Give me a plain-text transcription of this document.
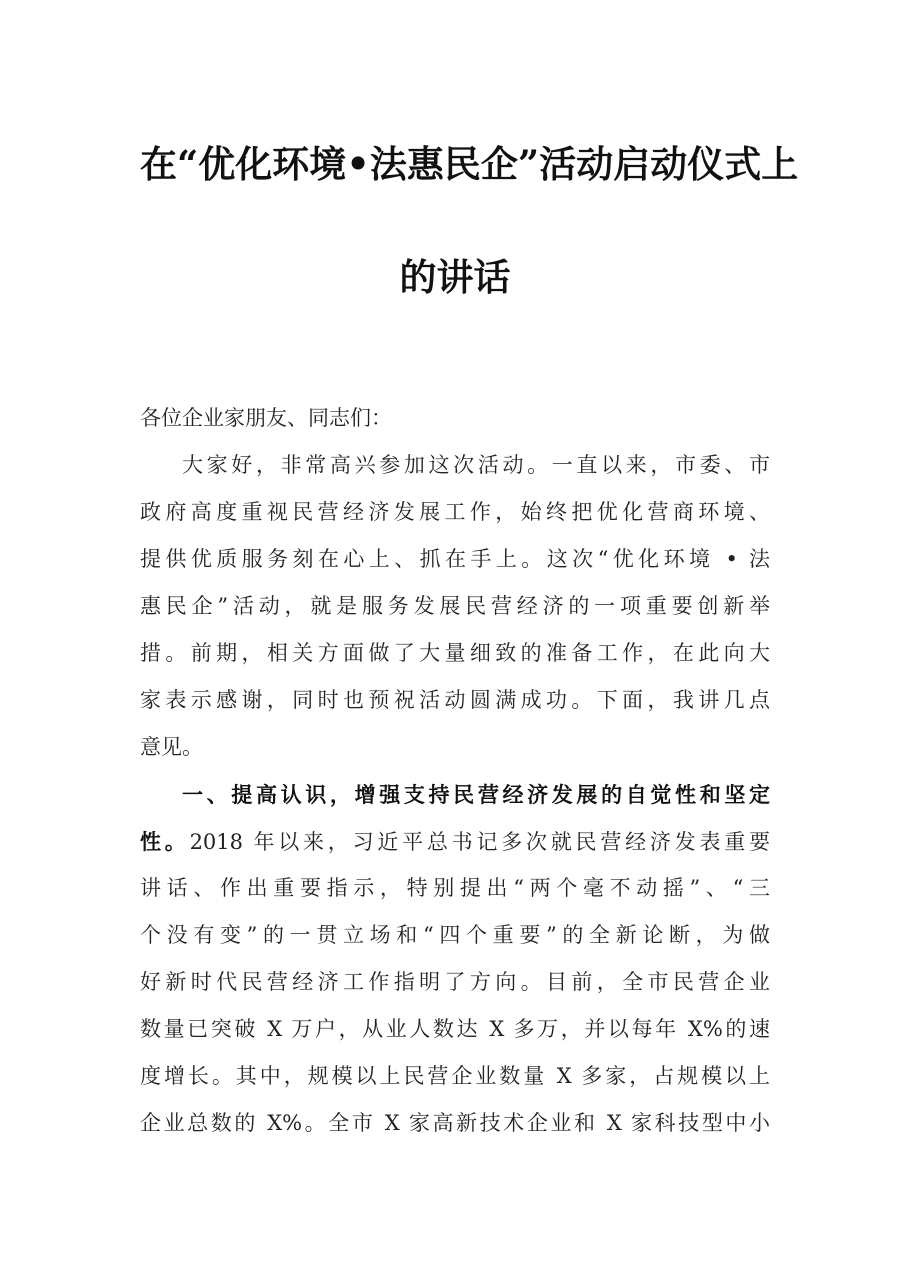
在“优化环境•法惠民企”活动启动仪式上
的讲话
各位企业家朋友、同志们：
大家好，非常高兴参加这次活动。一直以来，市委、市
政府高度重视民营经济发展工作，始终把优化营商环境、
提供优质服务刻在心上、抓在手上。这次“优化环境 • 法
惠民企”活动，就是服务发展民营经济的一项重要创新举
措。前期，相关方面做了大量细致的准备工作，在此向大
家表示感谢，同时也预祝活动圆满成功。下面，我讲几点
意见。
一、提高认识，增强支持民营经济发展的自觉性和坚定
性。2018 年以来，习近平总书记多次就民营经济发表重要
讲话、作出重要指示，特别提出“两个毫不动摇”、“三
个没有变”的一贯立场和“四个重要”的全新论断，为做
好新时代民营经济工作指明了方向。目前，全市民营企业
数量已突破 X 万户，从业人数达 X 多万，并以每年 X%的速
度增长。其中，规模以上民营企业数量 X 多家，占规模以上
企业总数的 X%。全市 X 家高新技术企业和 X 家科技型中小
